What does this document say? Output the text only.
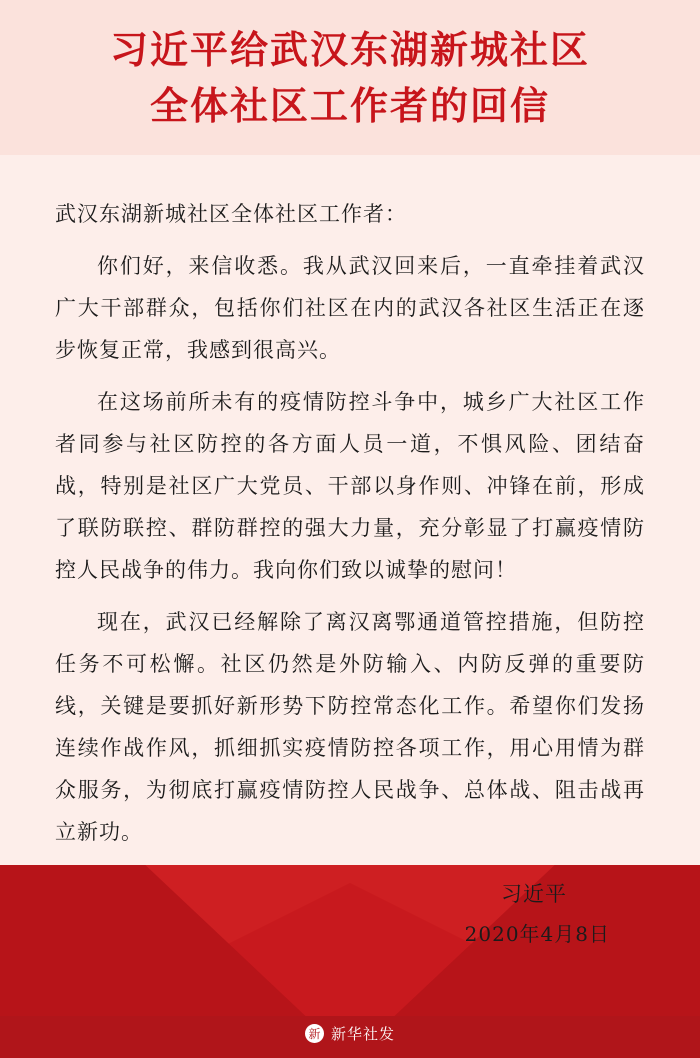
习近平给武汉东湖新城社区
全体社区工作者的回信
武汉东湖新城社区全体社区工作者：

你们好，来信收悉。我从武汉回来后，一直牵挂着武汉广大干部群众，包括你们社区在内的武汉各社区生活正在逐步恢复正常，我感到很高兴。

在这场前所未有的疫情防控斗争中，城乡广大社区工作者同参与社区防控的各方面人员一道，不惧风险、团结奋战，特别是社区广大党员、干部以身作则、冲锋在前，形成了联防联控、群防群控的强大力量，充分彰显了打赢疫情防控人民战争的伟力。我向你们致以诚挚的慰问！

现在，武汉已经解除了离汉离鄂通道管控措施，但防控任务不可松懈。社区仍然是外防输入、内防反弹的重要防线，关键是要抓好新形势下防控常态化工作。希望你们发扬连续作战作风，抓细抓实疫情防控各项工作，用心用情为群众服务，为彻底打赢疫情防控人民战争、总体战、阻击战再立新功。

习近平
2020年4月8日
新 新华社发
